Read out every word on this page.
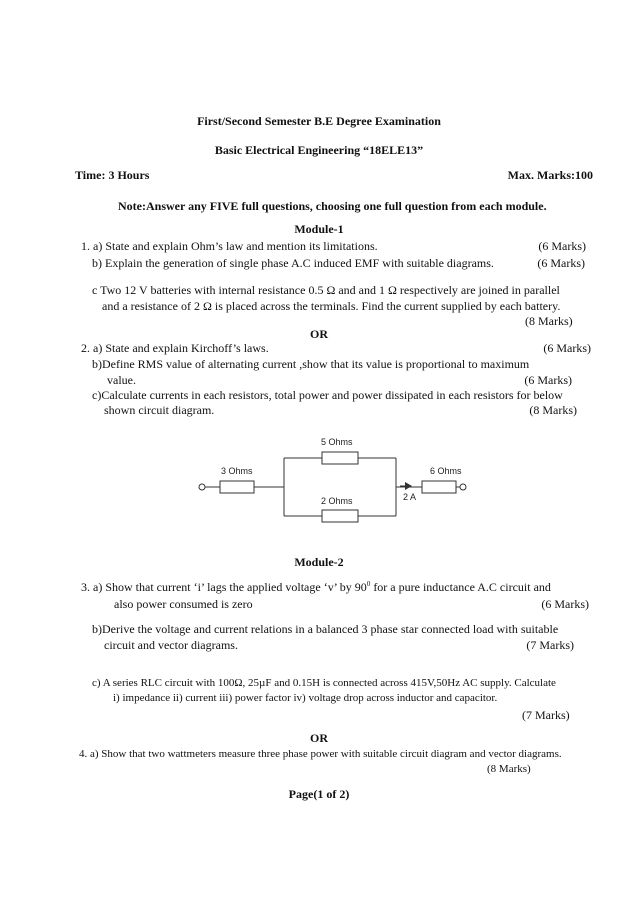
First/Second Semester B.E Degree Examination
Basic Electrical Engineering “18ELE13”
Time: 3 Hours	Max. Marks:100
Note:Answer any FIVE full questions, choosing one full question from each module.
Module-1
1. a) State and explain Ohm’s law and mention its limitations.	(6 Marks)
b) Explain the generation of single phase A.C induced EMF with suitable diagrams.	(6 Marks)
c Two 12 V batteries with internal resistance 0.5 Ω and and 1 Ω respectively are joined in parallel
and a resistance of 2 Ω is placed across the terminals. Find the current supplied by each battery.
(8 Marks)
OR
2. a) State and explain Kirchoff’s laws.	(6 Marks)
b)Define RMS value of alternating current ,show that its value is proportional to maximum
value.	(6 Marks)
c)Calculate currents in each resistors, total power and power dissipated in each resistors for below
shown circuit diagram.	(8 Marks)
5 Ohms
3 Ohms	6 Ohms
2 Ohms	2 A
Module-2
3. a) Show that current ‘i’ lags the applied voltage ‘v’ by $90^0$ for a pure inductance A.C circuit and
also power consumed is zero	(6 Marks)
b)Derive the voltage and current relations in a balanced 3 phase star connected load with suitable
circuit and vector diagrams.	(7 Marks)
c) A series RLC circuit with 100Ω, 25µF and 0.15H is connected across 415V,50Hz AC supply. Calculate
i) impedance ii) current iii) power factor iv) voltage drop across inductor and capacitor.
(7 Marks)
OR
4. a) Show that two wattmeters measure three phase power with suitable circuit diagram and vector diagrams.
(8 Marks)
Page(1 of 2)
